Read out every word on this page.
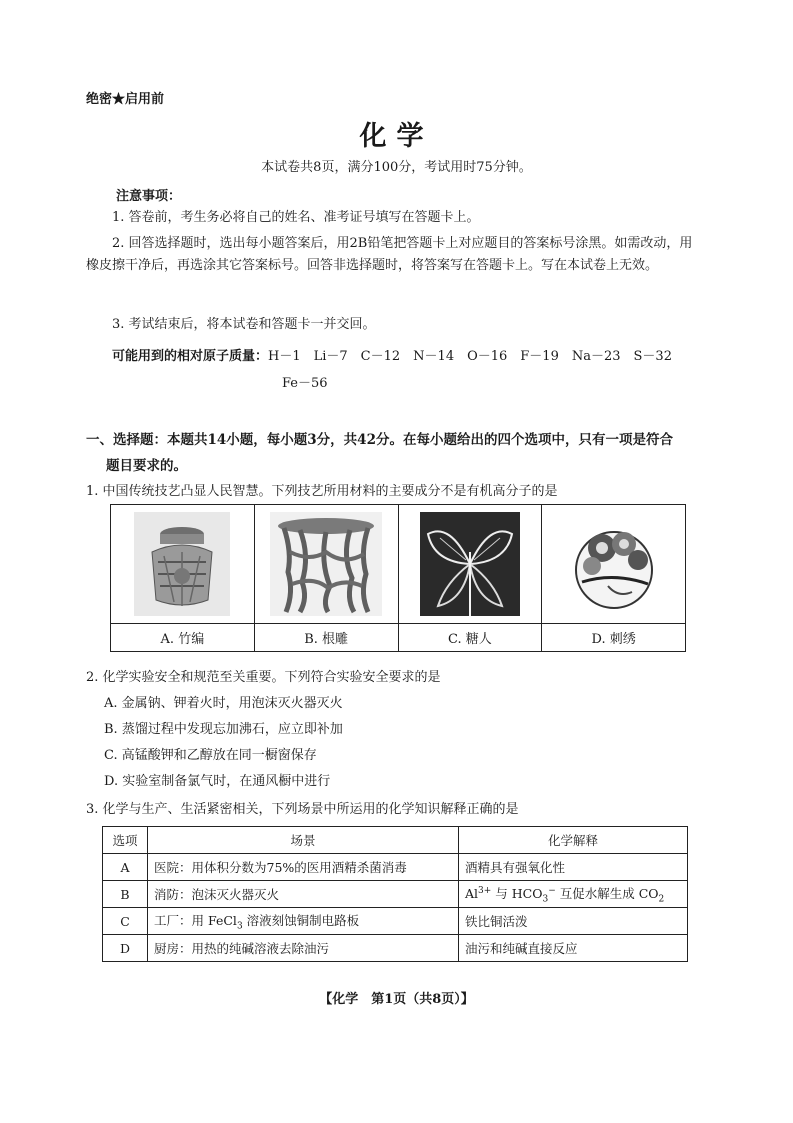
绝密★启用前
化学
本试卷共8页，满分100分，考试用时75分钟。
注意事项：
1. 答卷前，考生务必将自己的姓名、准考证号填写在答题卡上。
2. 回答选择题时，选出每小题答案后，用2B铅笔把答题卡上对应题目的答案标号涂黑。如需改动，用橡皮擦干净后，再选涂其它答案标号。回答非选择题时，将答案写在答题卡上。写在本试卷上无效。
3. 考试结束后，将本试卷和答题卡一并交回。
可能用到的相对原子质量：H－1　Li－7　C－12　N－14　O－16　F－19　Na－23　S－32
Fe－56
一、选择题：本题共14小题，每小题3分，共42分。在每小题给出的四个选项中，只有一项是符合
题目要求的。
1. 中国传统技艺凸显人民智慧。下列技艺所用材料的主要成分不是有机高分子的是
A. 竹编	B. 根雕	C. 糖人	D. 刺绣
2. 化学实验安全和规范至关重要。下列符合实验安全要求的是
A. 金属钠、钾着火时，用泡沫灭火器灭火
B. 蒸馏过程中发现忘加沸石，应立即补加
C. 高锰酸钾和乙醇放在同一橱窗保存
D. 实验室制备氯气时，在通风橱中进行
3. 化学与生产、生活紧密相关，下列场景中所运用的化学知识解释正确的是
选项	场景	化学解释
A	医院：用体积分数为75%的医用酒精杀菌消毒	酒精具有强氧化性
B	消防：泡沫灭火器灭火	$Al^{3+}$ 与 $HCO_3^-$ 互促水解生成 $CO_2$
C	工厂：用 FeCl$_3$ 溶液刻蚀铜制电路板	铁比铜活泼
D	厨房：用热的纯碱溶液去除油污	油污和纯碱直接反应
【化学　第1页（共8页）】
